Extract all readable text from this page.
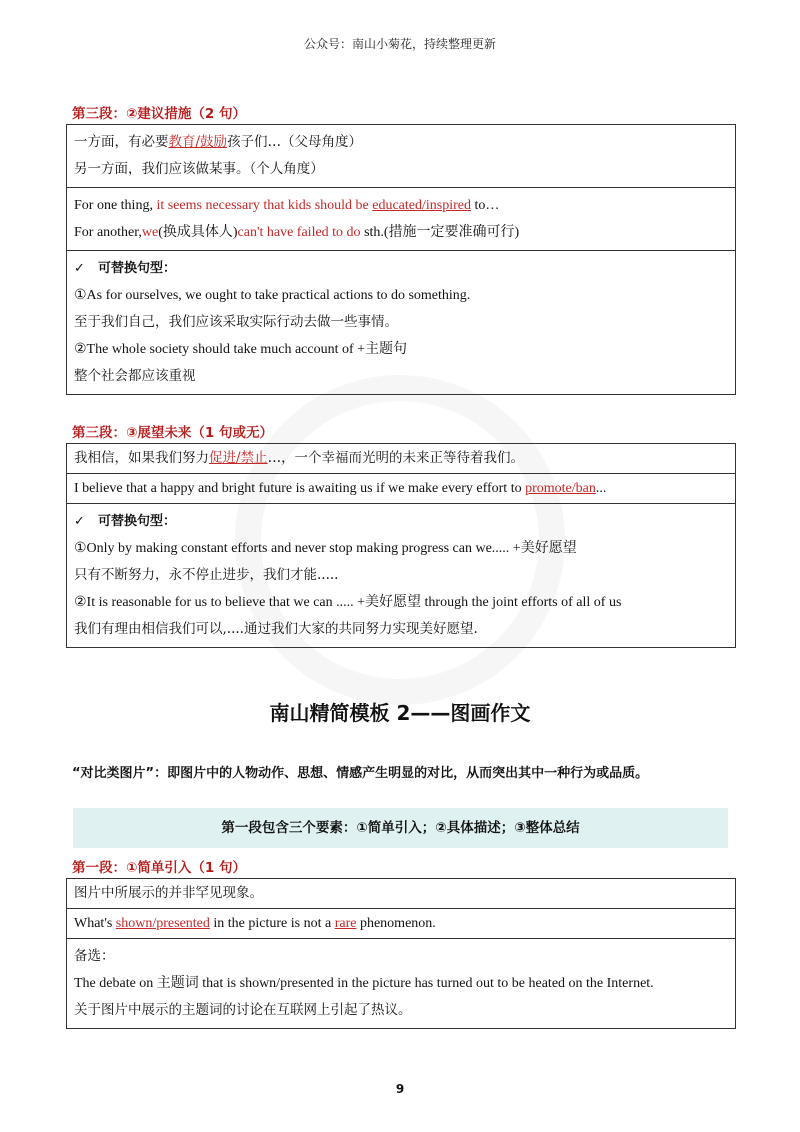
公众号：南山小菊花，持续整理更新
第三段：②建议措施（2 句）
一方面，有必要教育/鼓励孩子们…（父母角度）
另一方面，我们应该做某事。（个人角度）

For one thing, it seems necessary that kids should be educated/inspired to…
For another,we(换成具体人)can't have failed to do sth.(措施一定要准确可行)

✓ 可替换句型：
①As for ourselves, we ought to take practical actions to do something.
至于我们自己，我们应该采取实际行动去做一些事情。
②The whole society should take much account of +主题句
整个社会都应该重视
第三段：③展望未来（1 句或无）
我相信，如果我们努力促进/禁止…，一个幸福而光明的未来正等待着我们。

I believe that a happy and bright future is awaiting us if we make every effort to promote/ban...

✓ 可替换句型：
①Only by making constant efforts and never stop making progress can we..... +美好愿望
只有不断努力，永不停止进步，我们才能.....
②It is reasonable for us to believe that we can ..... +美好愿望 through the joint efforts of all of us
我们有理由相信我们可以,....通过我们大家的共同努力实现美好愿望.
南山精简模板 2——图画作文
“对比类图片”：即图片中的人物动作、思想、情感产生明显的对比，从而突出其中一种行为或品质。
第一段包含三个要素：①简单引入；②具体描述；③整体总结
第一段：①简单引入（1 句）
图片中所展示的并非罕见现象。

What's shown/presented in the picture is not a rare phenomenon.

备选：
The debate on 主题词 that is shown/presented in the picture has turned out to be heated on the Internet.
关于图片中展示的主题词的讨论在互联网上引起了热议。
9
